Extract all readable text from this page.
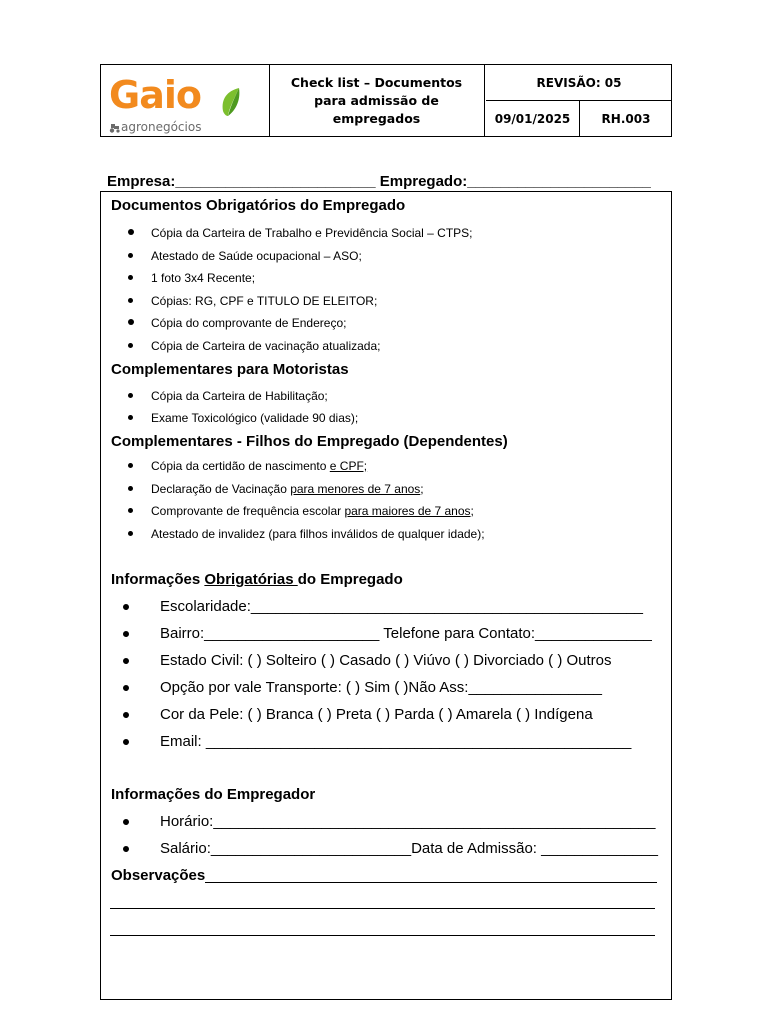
Gaio
agronegócios
Check list – Documentos para admissão de empregados
REVISÃO: 05
09/01/2025	RH.003
Empresa:________________________ Empregado:______________________
Documentos Obrigatórios do Empregado
Cópia da Carteira de Trabalho e Previdência Social – CTPS;
Atestado de Saúde ocupacional – ASO;
1 foto 3x4 Recente;
Cópias: RG, CPF e TITULO DE ELEITOR;
Cópia do comprovante de Endereço;
Cópia de Carteira de vacinação atualizada;
Complementares para Motoristas
Cópia da Carteira de Habilitação;
Exame Toxicológico (validade 90 dias);
Complementares - Filhos do Empregado (Dependentes)
Cópia da certidão de nascimento e CPF;
Declaração de Vacinação para menores de 7 anos;
Comprovante de frequência escolar para maiores de 7 anos;
Atestado de invalidez (para filhos inválidos de qualquer idade);
Informações Obrigatórias do Empregado
Escolaridade:_______________________________________________
Bairro:_____________________ Telefone para Contato:______________
Estado Civil: ( ) Solteiro ( ) Casado ( ) Viúvo ( ) Divorciado ( ) Outros
Opção por vale Transporte: ( ) Sim ( )Não Ass:________________
Cor da Pele: ( ) Branca ( ) Preta ( ) Parda ( ) Amarela ( ) Indígena
Email: ___________________________________________________
Informações do Empregador
Horário:_____________________________________________________
Salário:________________________Data de Admissão: ______________
Observações
